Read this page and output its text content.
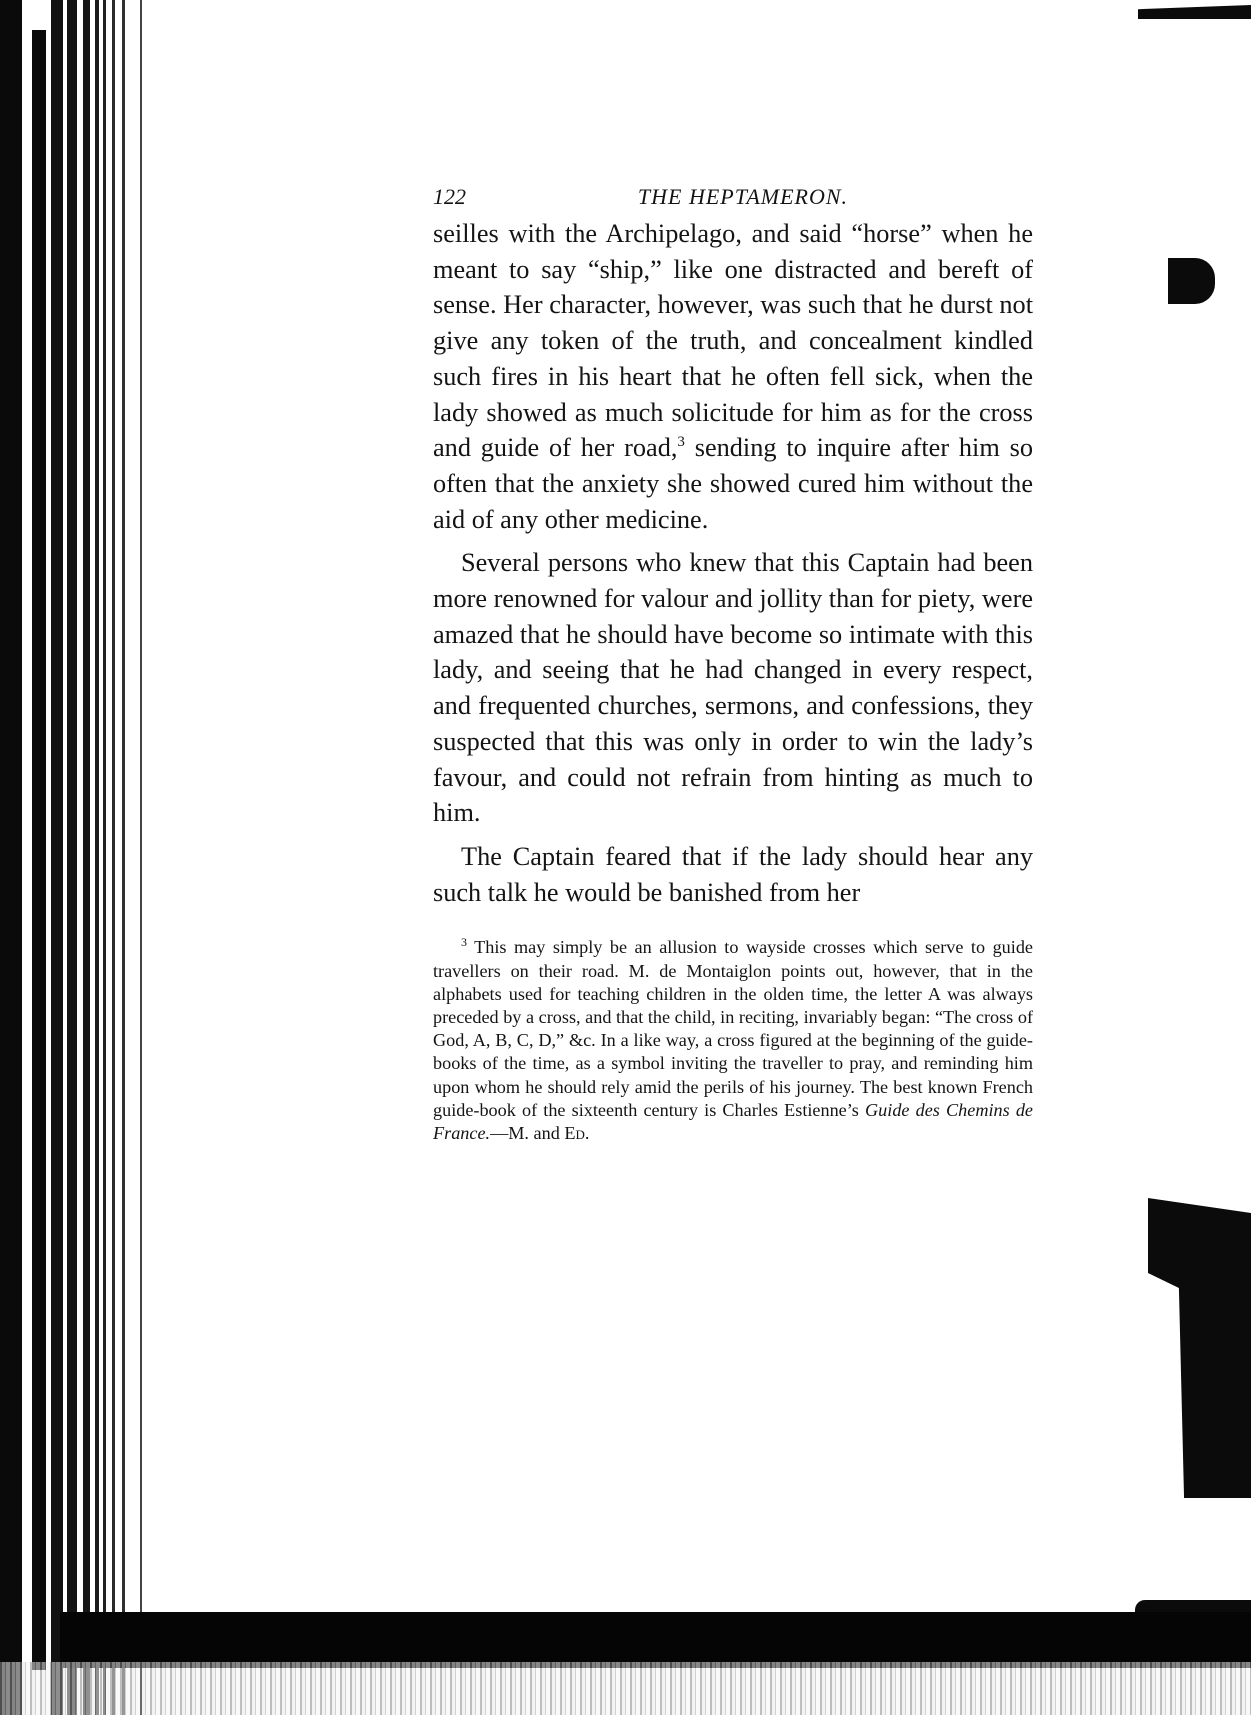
122	THE HEPTAMERON.

seilles with the Archipelago, and said “horse” when he meant to say “ship,” like one distracted and bereft of sense. Her character, however, was such that he durst not give any token of the truth, and concealment kindled such fires in his heart that he often fell sick, when the lady showed as much solicitude for him as for the cross and guide of her road,$^3$ sending to inquire after him so often that the anxiety she showed cured him without the aid of any other medicine.

Several persons who knew that this Captain had been more renowned for valour and jollity than for piety, were amazed that he should have become so intimate with this lady, and seeing that he had changed in every respect, and frequented churches, sermons, and confessions, they suspected that this was only in order to win the lady’s favour, and could not refrain from hinting as much to him.

The Captain feared that if the lady should hear any such talk he would be banished from her

$^3$ This may simply be an allusion to wayside crosses which serve to guide travellers on their road. M. de Montaiglon points out, however, that in the alphabets used for teaching children in the olden time, the letter A was always preceded by a cross, and that the child, in reciting, invariably began: “The cross of God, A, B, C, D,” &c. In a like way, a cross figured at the beginning of the guide-books of the time, as a symbol inviting the traveller to pray, and reminding him upon whom he should rely amid the perils of his journey. The best known French guide-book of the sixteenth century is Charles Estienne’s Guide des Chemins de France.—M. and Ed.
